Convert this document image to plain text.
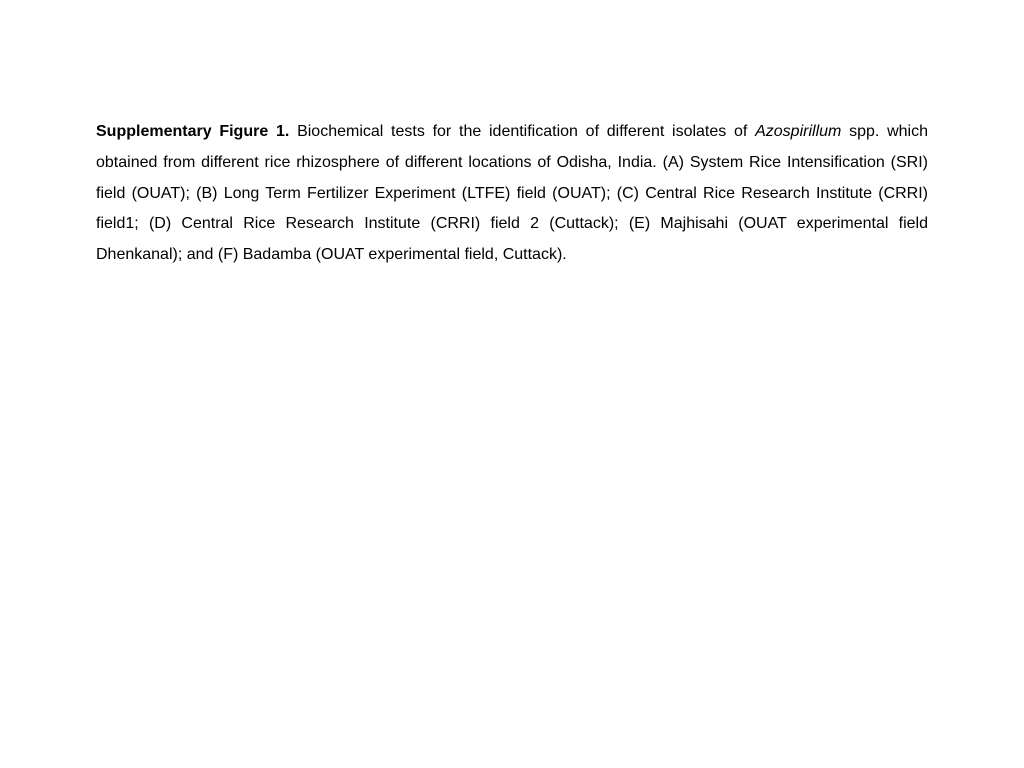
Supplementary Figure 1. Biochemical tests for the identification of different isolates of Azospirillum spp. which obtained from different rice rhizosphere of different locations of Odisha, India. (A) System Rice Intensification (SRI) field (OUAT); (B) Long Term Fertilizer Experiment (LTFE) field (OUAT); (C) Central Rice Research Institute (CRRI) field1; (D) Central Rice Research Institute (CRRI) field 2 (Cuttack); (E) Majhisahi (OUAT experimental field Dhenkanal); and (F) Badamba (OUAT experimental field, Cuttack).
